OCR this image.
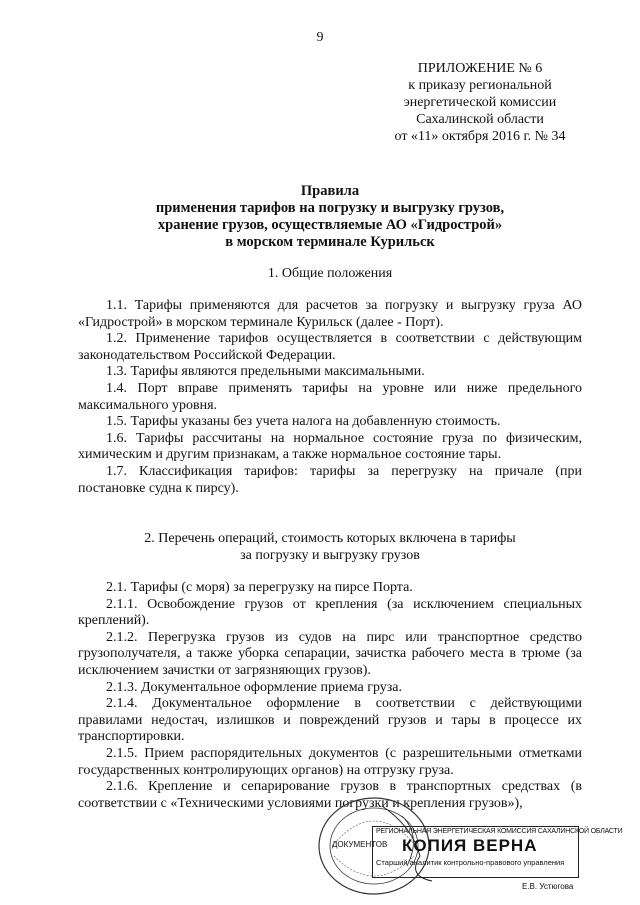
9
ПРИЛОЖЕНИЕ № 6
к приказу региональной
энергетической комиссии
Сахалинской области
от «11» октября 2016 г. № 34
Правила
применения тарифов на погрузку и выгрузку грузов,
хранение грузов, осуществляемые АО «Гидрострой»
в морском терминале Курильск
1. Общие положения

1.1. Тарифы применяются для расчетов за погрузку и выгрузку груза АО «Гидрострой» в морском терминале Курильск (далее - Порт).

1.2. Применение тарифов осуществляется в соответствии с действующим законодательством Российской Федерации.

1.3. Тарифы являются предельными максимальными.

1.4. Порт вправе применять тарифы на уровне или ниже предельного максимального уровня.

1.5. Тарифы указаны без учета налога на добавленную стоимость.

1.6. Тарифы рассчитаны на нормальное состояние груза по физическим, химическим и другим признакам, а также нормальное состояние тары.

1.7. Классификация тарифов: тарифы за перегрузку на причале (при постановке судна к пирсу).

2. Перечень операций, стоимость которых включена в тарифы
за погрузку и выгрузку грузов

2.1. Тарифы (с моря) за перегрузку на пирсе Порта.

2.1.1. Освобождение грузов от крепления (за исключением специальных креплений).

2.1.2. Перегрузка грузов из судов на пирс или транспортное средство грузополучателя, а также уборка сепарации, зачистка рабочего места в трюме (за исключением зачистки от загрязняющих грузов).

2.1.3. Документальное оформление приема груза.

2.1.4. Документальное оформление в соответствии с действующими правилами недостач, излишков и повреждений грузов и тары в процессе их транспортировки.

2.1.5. Прием распорядительных документов (с разрешительными отметками государственных контролирующих органов) на отгрузку груза.

2.1.6. Крепление и сепарирование грузов в транспортных средствах (в соответствии с «Техническими условиями погрузки и крепления грузов»),

РЕГИОНАЛЬНАЯ ЭНЕРГЕТИЧЕСКАЯ КОМИССИЯ САХАЛИНСКОЙ ОБЛАСТИ
ДОКУМЕНТОВ КОПИЯ ВЕРНА
Старший аналитик контрольно-правового управления
Е.В. Устюгова
